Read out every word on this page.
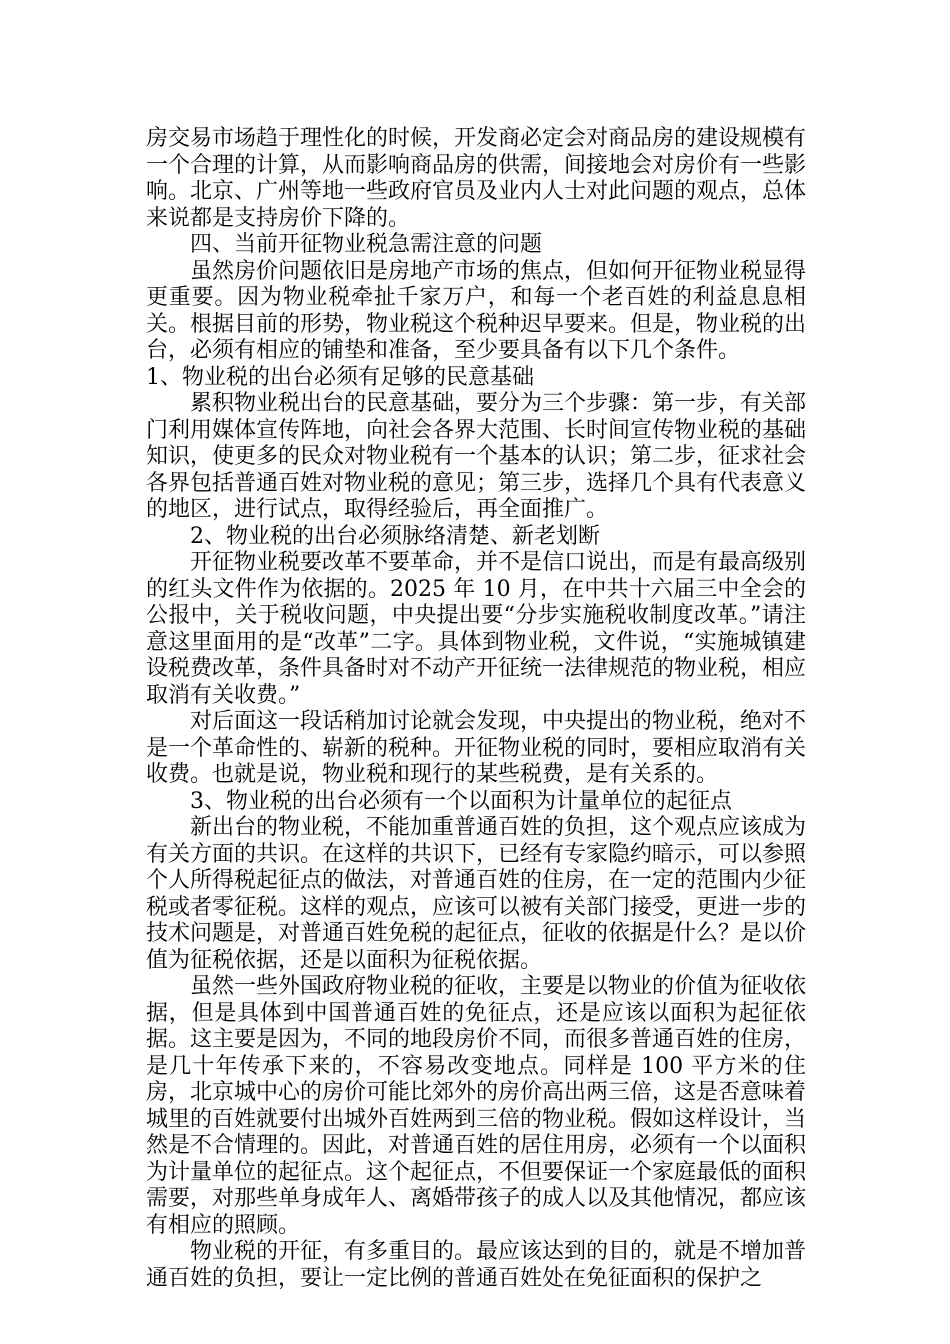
房交易市场趋于理性化的时候，开发商必定会对商品房的建设规模有一个合理的计算，从而影响商品房的供需，间接地会对房价有一些影响。北京、广州等地一些政府官员及业内人士对此问题的观点，总体来说都是支持房价下降的。

四、当前开征物业税急需注意的问题

虽然房价问题依旧是房地产市场的焦点，但如何开征物业税显得更重要。因为物业税牵扯千家万户，和每一个老百姓的利益息息相关。根据目前的形势，物业税这个税种迟早要来。但是，物业税的出台，必须有相应的铺垫和准备，至少要具备有以下几个条件。

1、物业税的出台必须有足够的民意基础

累积物业税出台的民意基础，要分为三个步骤：第一步，有关部门利用媒体宣传阵地，向社会各界大范围、长时间宣传物业税的基础知识，使更多的民众对物业税有一个基本的认识；第二步，征求社会各界包括普通百姓对物业税的意见；第三步，选择几个具有代表意义的地区，进行试点，取得经验后，再全面推广。

2、物业税的出台必须脉络清楚、新老划断

开征物业税要改革不要革命，并不是信口说出，而是有最高级别的红头文件作为依据的。2025 年 10 月，在中共十六届三中全会的公报中，关于税收问题，中央提出要“分步实施税收制度改革。”请注意这里面用的是“改革”二字。具体到物业税，文件说，“实施城镇建设税费改革，条件具备时对不动产开征统一法律规范的物业税，相应取消有关收费。”

对后面这一段话稍加讨论就会发现，中央提出的物业税，绝对不是一个革命性的、崭新的税种。开征物业税的同时，要相应取消有关收费。也就是说，物业税和现行的某些税费，是有关系的。

3、物业税的出台必须有一个以面积为计量单位的起征点

新出台的物业税，不能加重普通百姓的负担，这个观点应该成为有关方面的共识。在这样的共识下，已经有专家隐约暗示，可以参照个人所得税起征点的做法，对普通百姓的住房，在一定的范围内少征税或者零征税。这样的观点，应该可以被有关部门接受，更进一步的技术问题是，对普通百姓免税的起征点，征收的依据是什么？是以价值为征税依据，还是以面积为征税依据。

虽然一些外国政府物业税的征收，主要是以物业的价值为征收依据，但是具体到中国普通百姓的免征点，还是应该以面积为起征依据。这主要是因为，不同的地段房价不同，而很多普通百姓的住房，是几十年传承下来的，不容易改变地点。同样是 100 平方米的住房，北京城中心的房价可能比郊外的房价高出两三倍，这是否意味着城里的百姓就要付出城外百姓两到三倍的物业税。假如这样设计，当然是不合情理的。因此，对普通百姓的居住用房，必须有一个以面积为计量单位的起征点。这个起征点，不但要保证一个家庭最低的面积需要，对那些单身成年人、离婚带孩子的成人以及其他情况，都应该有相应的照顾。

物业税的开征，有多重目的。最应该达到的目的，就是不增加普通百姓的负担，要让一定比例的普通百姓处在免征面积的保护之
